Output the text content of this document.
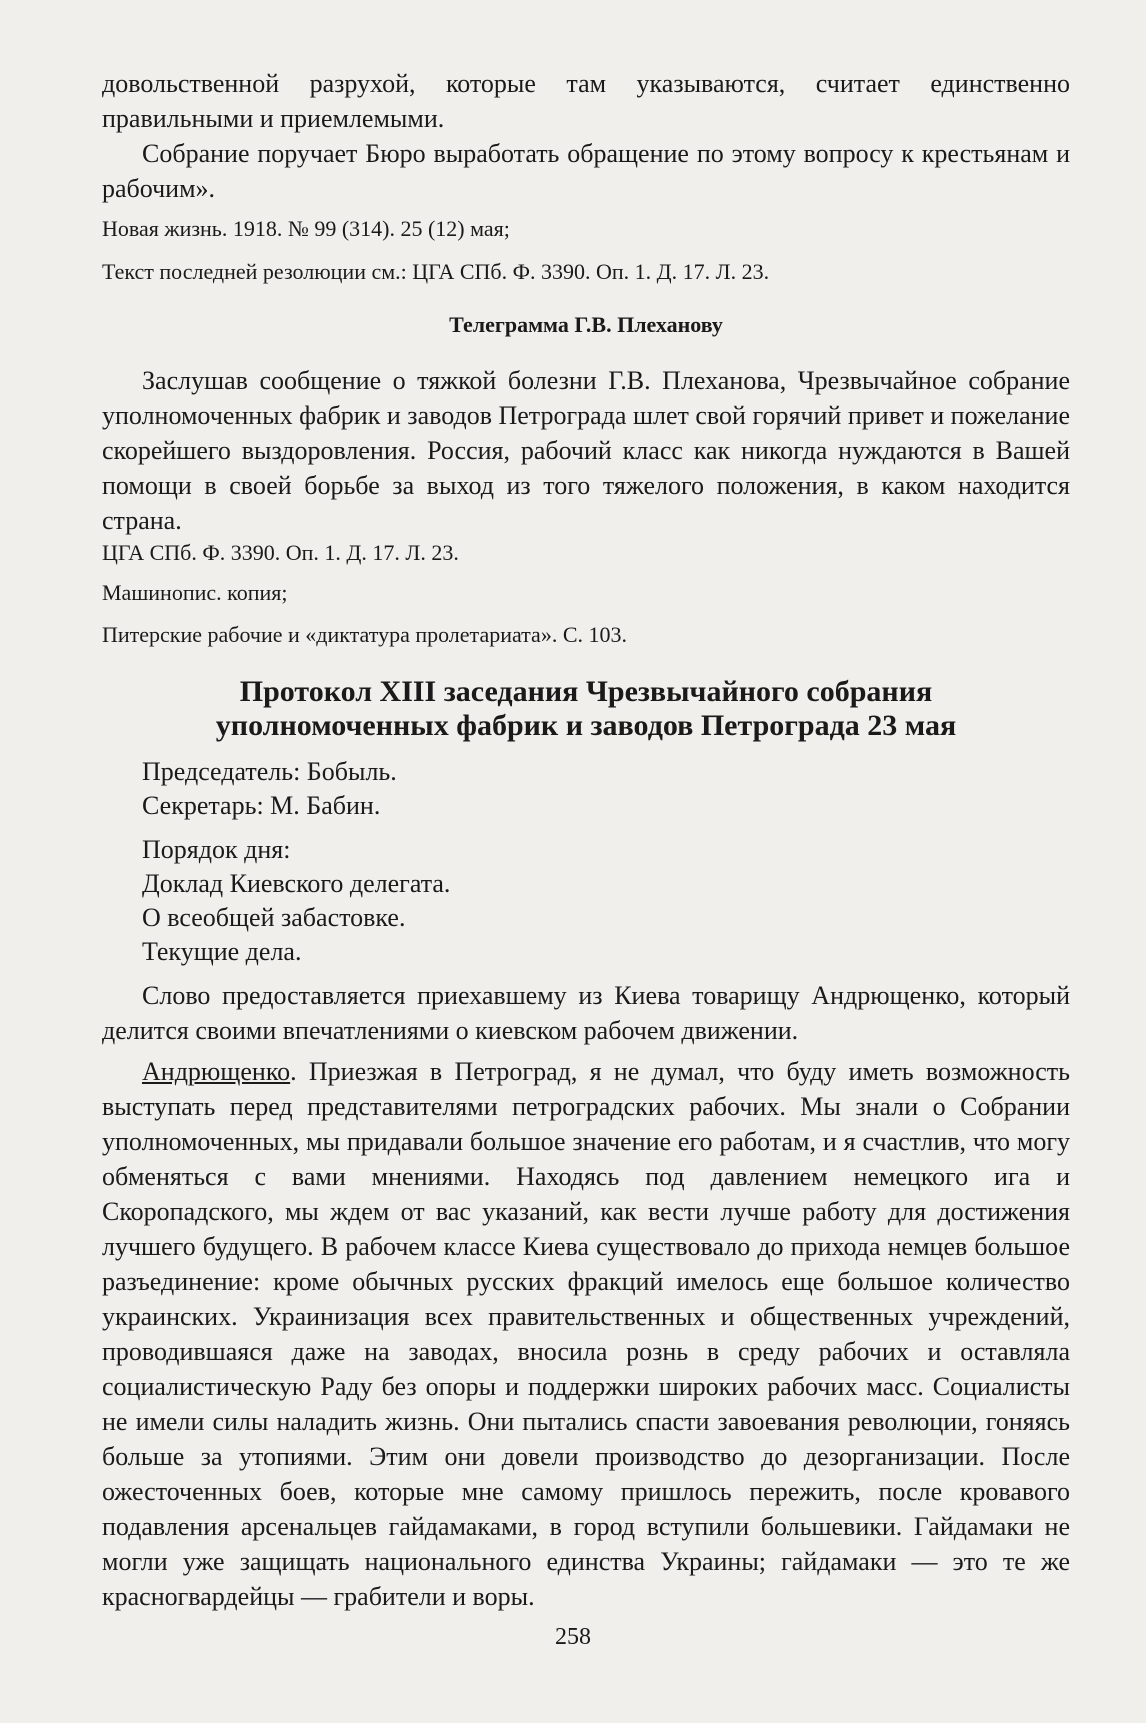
довольственной разрухой, которые там указываются, считает единственно правильными и приемлемыми.

Собрание поручает Бюро выработать обращение по этому вопросу к крестьянам и рабочим».

Новая жизнь. 1918. № 99 (314). 25 (12) мая;

Текст последней резолюции см.: ЦГА СПб. Ф. 3390. Оп. 1. Д. 17. Л. 23.

Телеграмма Г.В. Плеханову

Заслушав сообщение о тяжкой болезни Г.В. Плеханова, Чрезвычайное собрание уполномоченных фабрик и заводов Петрограда шлет свой горячий привет и пожелание скорейшего выздоровления. Россия, рабочий класс как никогда нуждаются в Вашей помощи в своей борьбе за выход из того тяжелого положения, в каком находится страна.

ЦГА СПб. Ф. 3390. Оп. 1. Д. 17. Л. 23.

Машинопис. копия;

Питерские рабочие и «диктатура пролетариата». С. 103.

Протокол XIII заседания Чрезвычайного собрания

уполномоченных фабрик и заводов Петрограда 23 мая

Председатель: Бобыль.

Секретарь: М. Бабин.

Порядок дня:

Доклад Киевского делегата.

О всеобщей забастовке.

Текущие дела.

Слово предоставляется приехавшему из Киева товарищу Андрющенко, который делится своими впечатлениями о киевском рабочем движении.

Андрющенко. Приезжая в Петроград, я не думал, что буду иметь возможность выступать перед представителями петроградских рабочих. Мы знали о Собрании уполномоченных, мы придавали большое значение его работам, и я счастлив, что могу обменяться с вами мнениями. Находясь под давлением немецкого ига и Скоропадского, мы ждем от вас указаний, как вести лучше работу для достижения лучшего будущего. В рабочем классе Киева существовало до прихода немцев большое разъединение: кроме обычных русских фракций имелось еще большое количество украинских. Украинизация всех правительственных и общественных учреждений, проводившаяся даже на заводах, вносила рознь в среду рабочих и оставляла социалистическую Раду без опоры и поддержки широких рабочих масс. Социалисты не имели силы наладить жизнь. Они пытались спасти завоевания революции, гоняясь больше за утопиями. Этим они довели производство до дезорганизации. После ожесточенных боев, которые мне самому пришлось пережить, после кровавого подавления арсенальцев гайдамаками, в город вступили большевики. Гайдамаки не могли уже защищать национального единства Украины; гайдамаки — это те же красногвардейцы — грабители и воры.

258
